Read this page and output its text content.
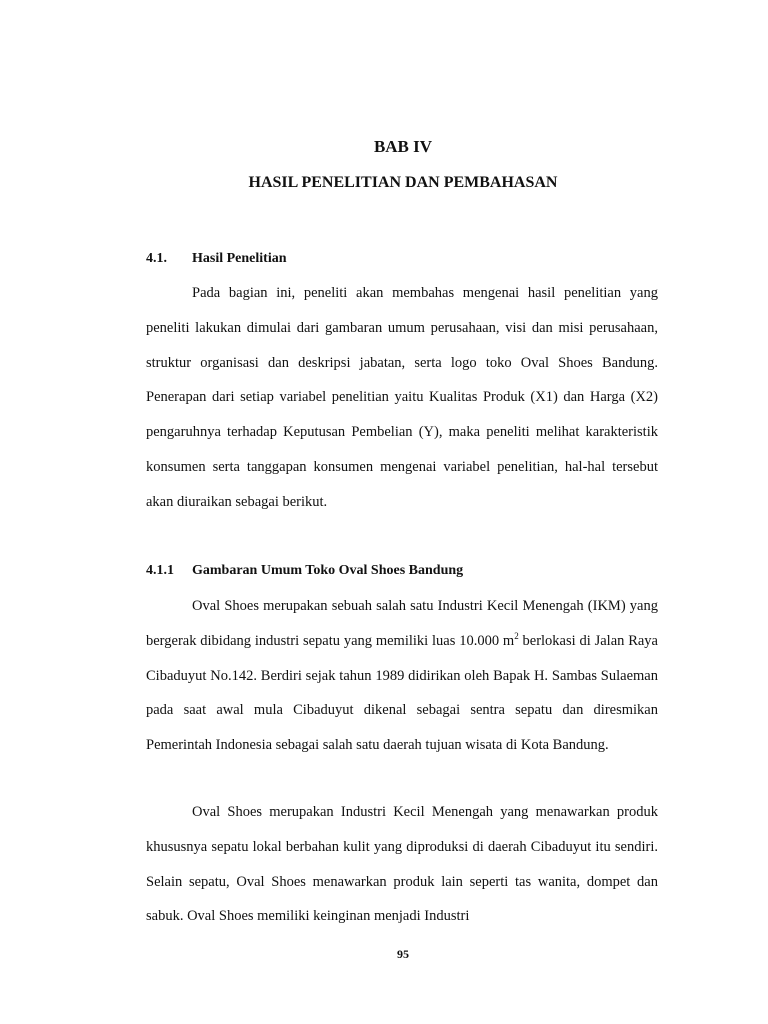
BAB IV
HASIL PENELITIAN DAN PEMBAHASAN
4.1. Hasil Penelitian

Pada bagian ini, peneliti akan membahas mengenai hasil penelitian yang peneliti lakukan dimulai dari gambaran umum perusahaan, visi dan misi perusahaan, struktur organisasi dan deskripsi jabatan, serta logo toko Oval Shoes Bandung. Penerapan dari setiap variabel penelitian yaitu Kualitas Produk (X1) dan Harga (X2) pengaruhnya terhadap Keputusan Pembelian (Y), maka peneliti melihat karakteristik konsumen serta tanggapan konsumen mengenai variabel penelitian, hal-hal tersebut akan diuraikan sebagai berikut.

4.1.1 Gambaran Umum Toko Oval Shoes Bandung

Oval Shoes merupakan sebuah salah satu Industri Kecil Menengah (IKM) yang bergerak dibidang industri sepatu yang memiliki luas 10.000 $m^2$ berlokasi di Jalan Raya Cibaduyut No.142. Berdiri sejak tahun 1989 didirikan oleh Bapak H. Sambas Sulaeman pada saat awal mula Cibaduyut dikenal sebagai sentra sepatu dan diresmikan Pemerintah Indonesia sebagai salah satu daerah tujuan wisata di Kota Bandung.

Oval Shoes merupakan Industri Kecil Menengah yang menawarkan produk khususnya sepatu lokal berbahan kulit yang diproduksi di daerah Cibaduyut itu sendiri. Selain sepatu, Oval Shoes menawarkan produk lain seperti tas wanita, dompet dan sabuk. Oval Shoes memiliki keinginan menjadi Industri

95
